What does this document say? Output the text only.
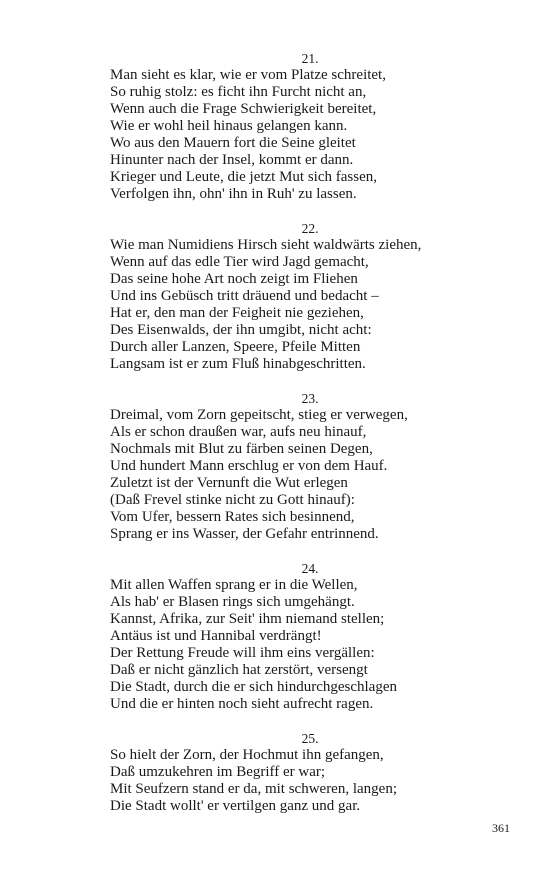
21.
Man sieht es klar, wie er vom Platze schreitet,
So ruhig stolz: es ficht ihn Furcht nicht an,
Wenn auch die Frage Schwierigkeit bereitet,
Wie er wohl heil hinaus gelangen kann.
Wo aus den Mauern fort die Seine gleitet
Hinunter nach der Insel, kommt er dann.
Krieger und Leute, die jetzt Mut sich fassen,
Verfolgen ihn, ohn' ihn in Ruh' zu lassen.
22.
Wie man Numidiens Hirsch sieht waldwärts ziehen,
Wenn auf das edle Tier wird Jagd gemacht,
Das seine hohe Art noch zeigt im Fliehen
Und ins Gebüsch tritt dräuend und bedacht –
Hat er, den man der Feigheit nie geziehen,
Des Eisenwalds, der ihn umgibt, nicht acht:
Durch aller Lanzen, Speere, Pfeile Mitten
Langsam ist er zum Fluß hinabgeschritten.
23.
Dreimal, vom Zorn gepeitscht, stieg er verwegen,
Als er schon draußen war, aufs neu hinauf,
Nochmals mit Blut zu färben seinen Degen,
Und hundert Mann erschlug er von dem Hauf.
Zuletzt ist der Vernunft die Wut erlegen
(Daß Frevel stinke nicht zu Gott hinauf):
Vom Ufer, bessern Rates sich besinnend,
Sprang er ins Wasser, der Gefahr entrinnend.
24.
Mit allen Waffen sprang er in die Wellen,
Als hab' er Blasen rings sich umgehängt.
Kannst, Afrika, zur Seit' ihm niemand stellen;
Antäus ist und Hannibal verdrängt!
Der Rettung Freude will ihm eins vergällen:
Daß er nicht gänzlich hat zerstört, versengt
Die Stadt, durch die er sich hindurchgeschlagen
Und die er hinten noch sieht aufrecht ragen.
25.
So hielt der Zorn, der Hochmut ihn gefangen,
Daß umzukehren im Begriff er war;
Mit Seufzern stand er da, mit schweren, langen;
Die Stadt wollt' er vertilgen ganz und gar.
361
